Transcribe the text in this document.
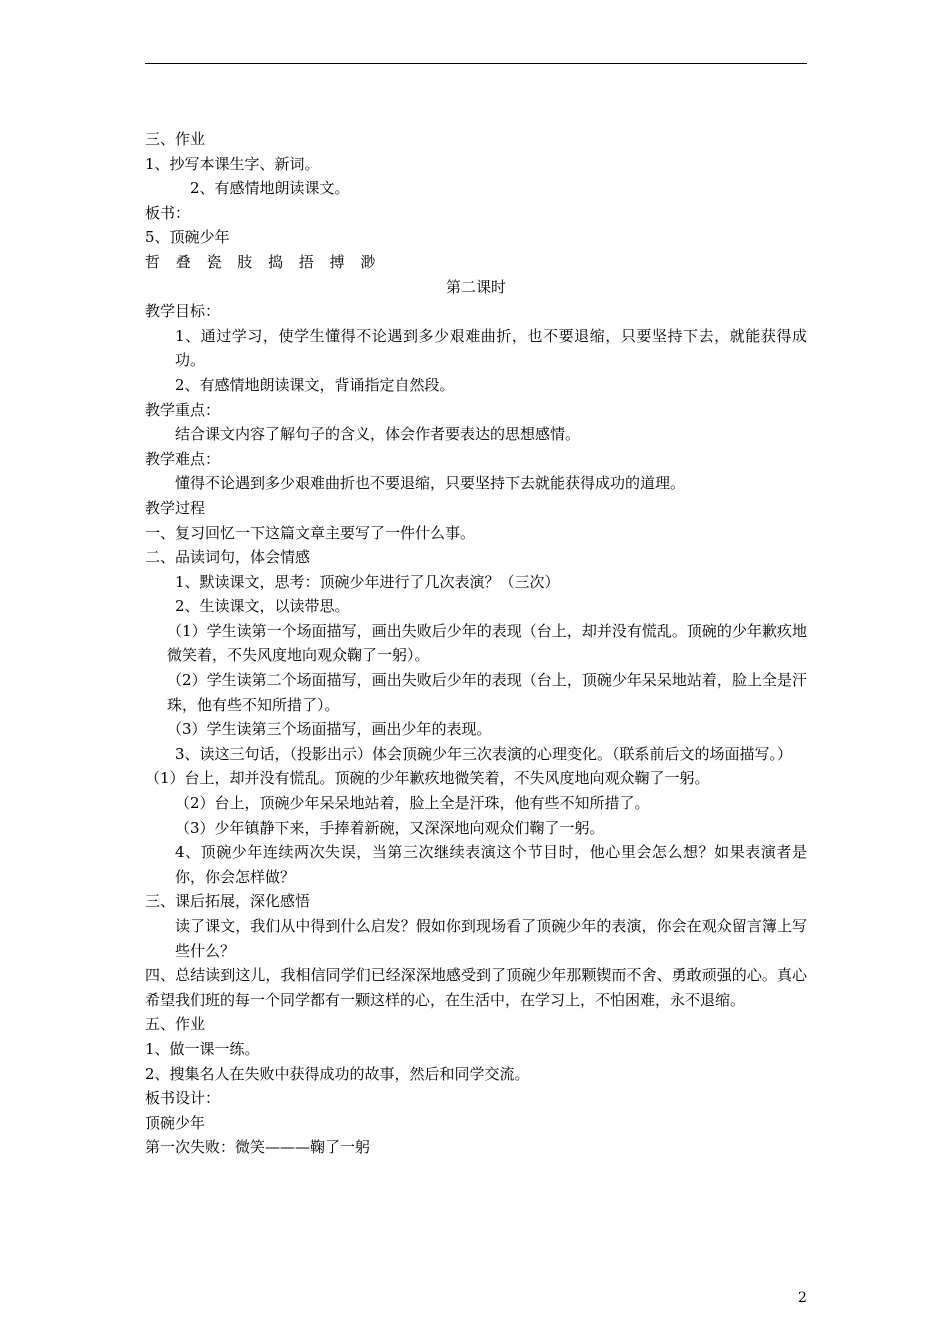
三、作业
1、抄写本课生字、新词。
2、有感情地朗读课文。
板书：
5、顶碗少年
哲 叠 瓷 肢 捣 捂 搏 渺
第二课时
教学目标：
1、通过学习，使学生懂得不论遇到多少艰难曲折，也不要退缩，只要坚持下去，就能获得成功。
2、有感情地朗读课文，背诵指定自然段。
教学重点：
结合课文内容了解句子的含义，体会作者要表达的思想感情。
教学难点：
懂得不论遇到多少艰难曲折也不要退缩，只要坚持下去就能获得成功的道理。
教学过程
一、复习回忆一下这篇文章主要写了一件什么事。
二、品读词句，体会情感
1、默读课文，思考：顶碗少年进行了几次表演？（三次）
2、生读课文，以读带思。
（1）学生读第一个场面描写，画出失败后少年的表现（台上，却并没有慌乱。顶碗的少年歉疚地微笑着，不失风度地向观众鞠了一躬）。
（2）学生读第二个场面描写，画出失败后少年的表现（台上，顶碗少年呆呆地站着，脸上全是汗珠，他有些不知所措了）。
（3）学生读第三个场面描写，画出少年的表现。
3、读这三句话，（投影出示）体会顶碗少年三次表演的心理变化。（联系前后文的场面描写。）
（1）台上，却并没有慌乱。顶碗的少年歉疚地微笑着，不失风度地向观众鞠了一躬。
（2）台上，顶碗少年呆呆地站着，脸上全是汗珠，他有些不知所措了。
（3）少年镇静下来，手捧着新碗，又深深地向观众们鞠了一躬。
4、顶碗少年连续两次失误，当第三次继续表演这个节目时，他心里会怎么想？如果表演者是你，你会怎样做？
三、课后拓展，深化感悟
读了课文，我们从中得到什么启发？假如你到现场看了顶碗少年的表演，你会在观众留言簿上写些什么？
四、总结读到这儿，我相信同学们已经深深地感受到了顶碗少年那颗锲而不舍、勇敢顽强的心。真心希望我们班的每一个同学都有一颗这样的心，在生活中，在学习上，不怕困难，永不退缩。
五、作业
1、做一课一练。
2、搜集名人在失败中获得成功的故事，然后和同学交流。
板书设计：
顶碗少年
第一次失败：微笑———鞠了一躬
2
